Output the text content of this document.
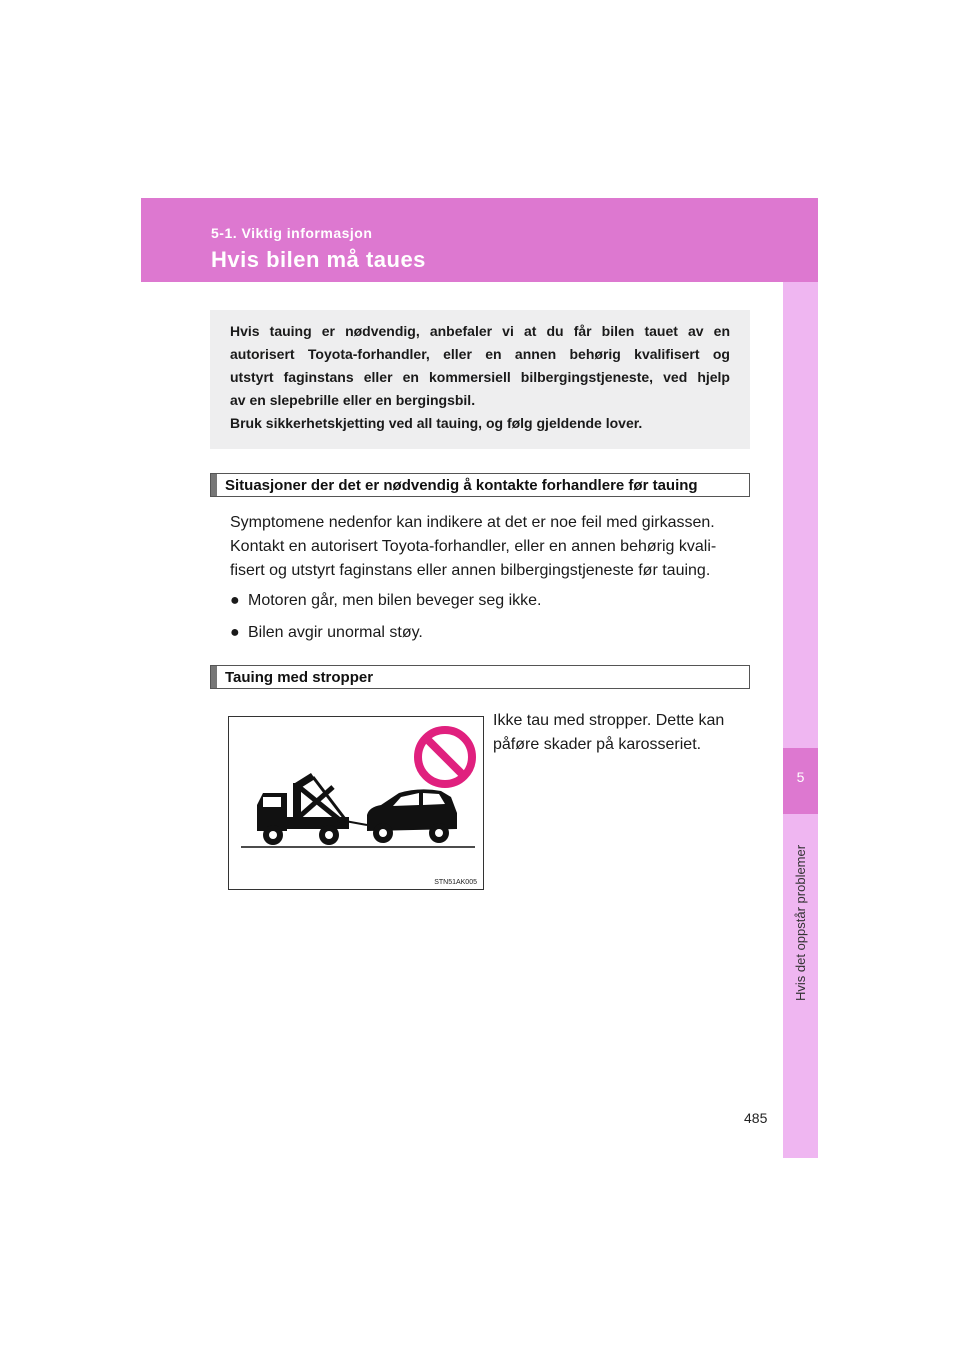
5-1. Viktig informasjon
Hvis bilen må taues
5
Hvis det oppstår problemer
Hvis tauing er nødvendig, anbefaler vi at du får bilen tauet av en
autorisert Toyota-forhandler, eller en annen behørig kvalifisert og
utstyrt faginstans eller en kommersiell bilbergingstjeneste, ved hjelp
av en slepebrille eller en bergingsbil.
Bruk sikkerhetskjetting ved all tauing, og følg gjeldende lover.
Situasjoner der det er nødvendig å kontakte forhandlere før tauing
Symptomene nedenfor kan indikere at det er noe feil med girkassen.
Kontakt en autorisert Toyota-forhandler, eller en annen behørig kvali-
fisert og utstyrt faginstans eller annen bilbergingstjeneste før tauing.
● Motoren går, men bilen beveger seg ikke.
● Bilen avgir unormal støy.
Tauing med stropper
STN51AK005
Ikke tau med stropper. Dette kan
påføre skader på karosseriet.
485
